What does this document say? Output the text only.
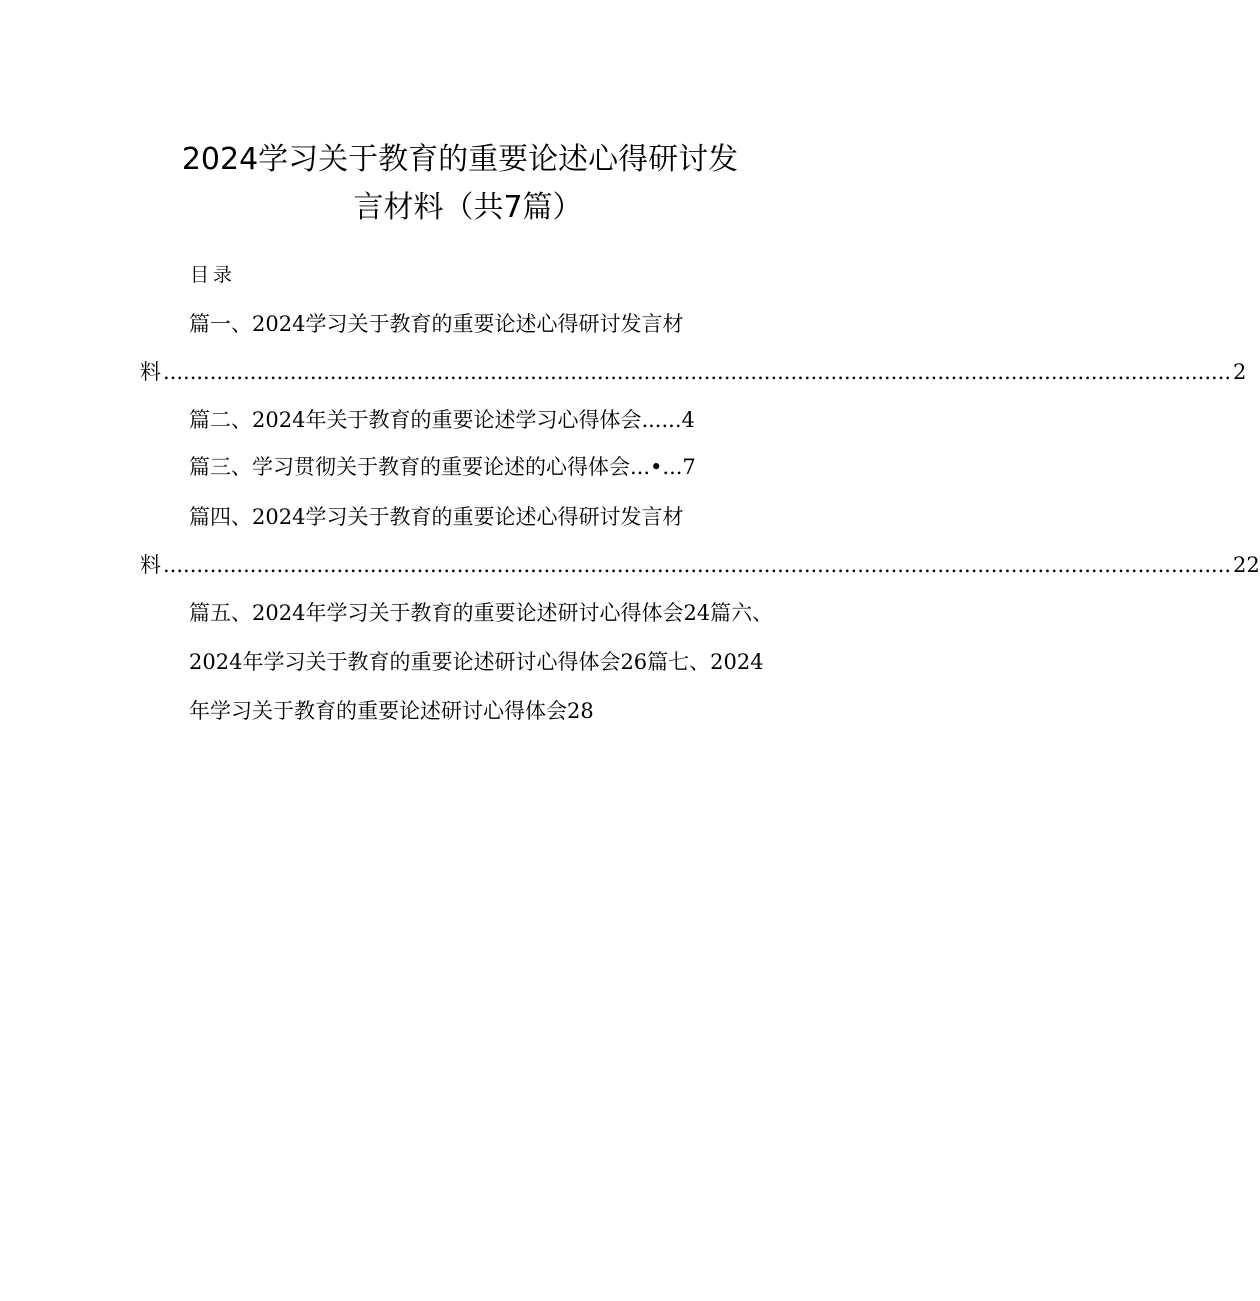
2024学习关于教育的重要论述心得研讨发
言材料（共7篇）
目录
篇一、2024学习关于教育的重要论述心得研讨发言材
料 ................................................................................................................................................................ 2
篇二、2024年关于教育的重要论述学习心得体会......4
篇三、学习贯彻关于教育的重要论述的心得体会...•...7
篇四、2024学习关于教育的重要论述心得研讨发言材
料 ................................................................................................................................................................ 22
篇五、2024年学习关于教育的重要论述研讨心得体会24篇六、
2024年学习关于教育的重要论述研讨心得体会26篇七、2024
年学习关于教育的重要论述研讨心得体会28
